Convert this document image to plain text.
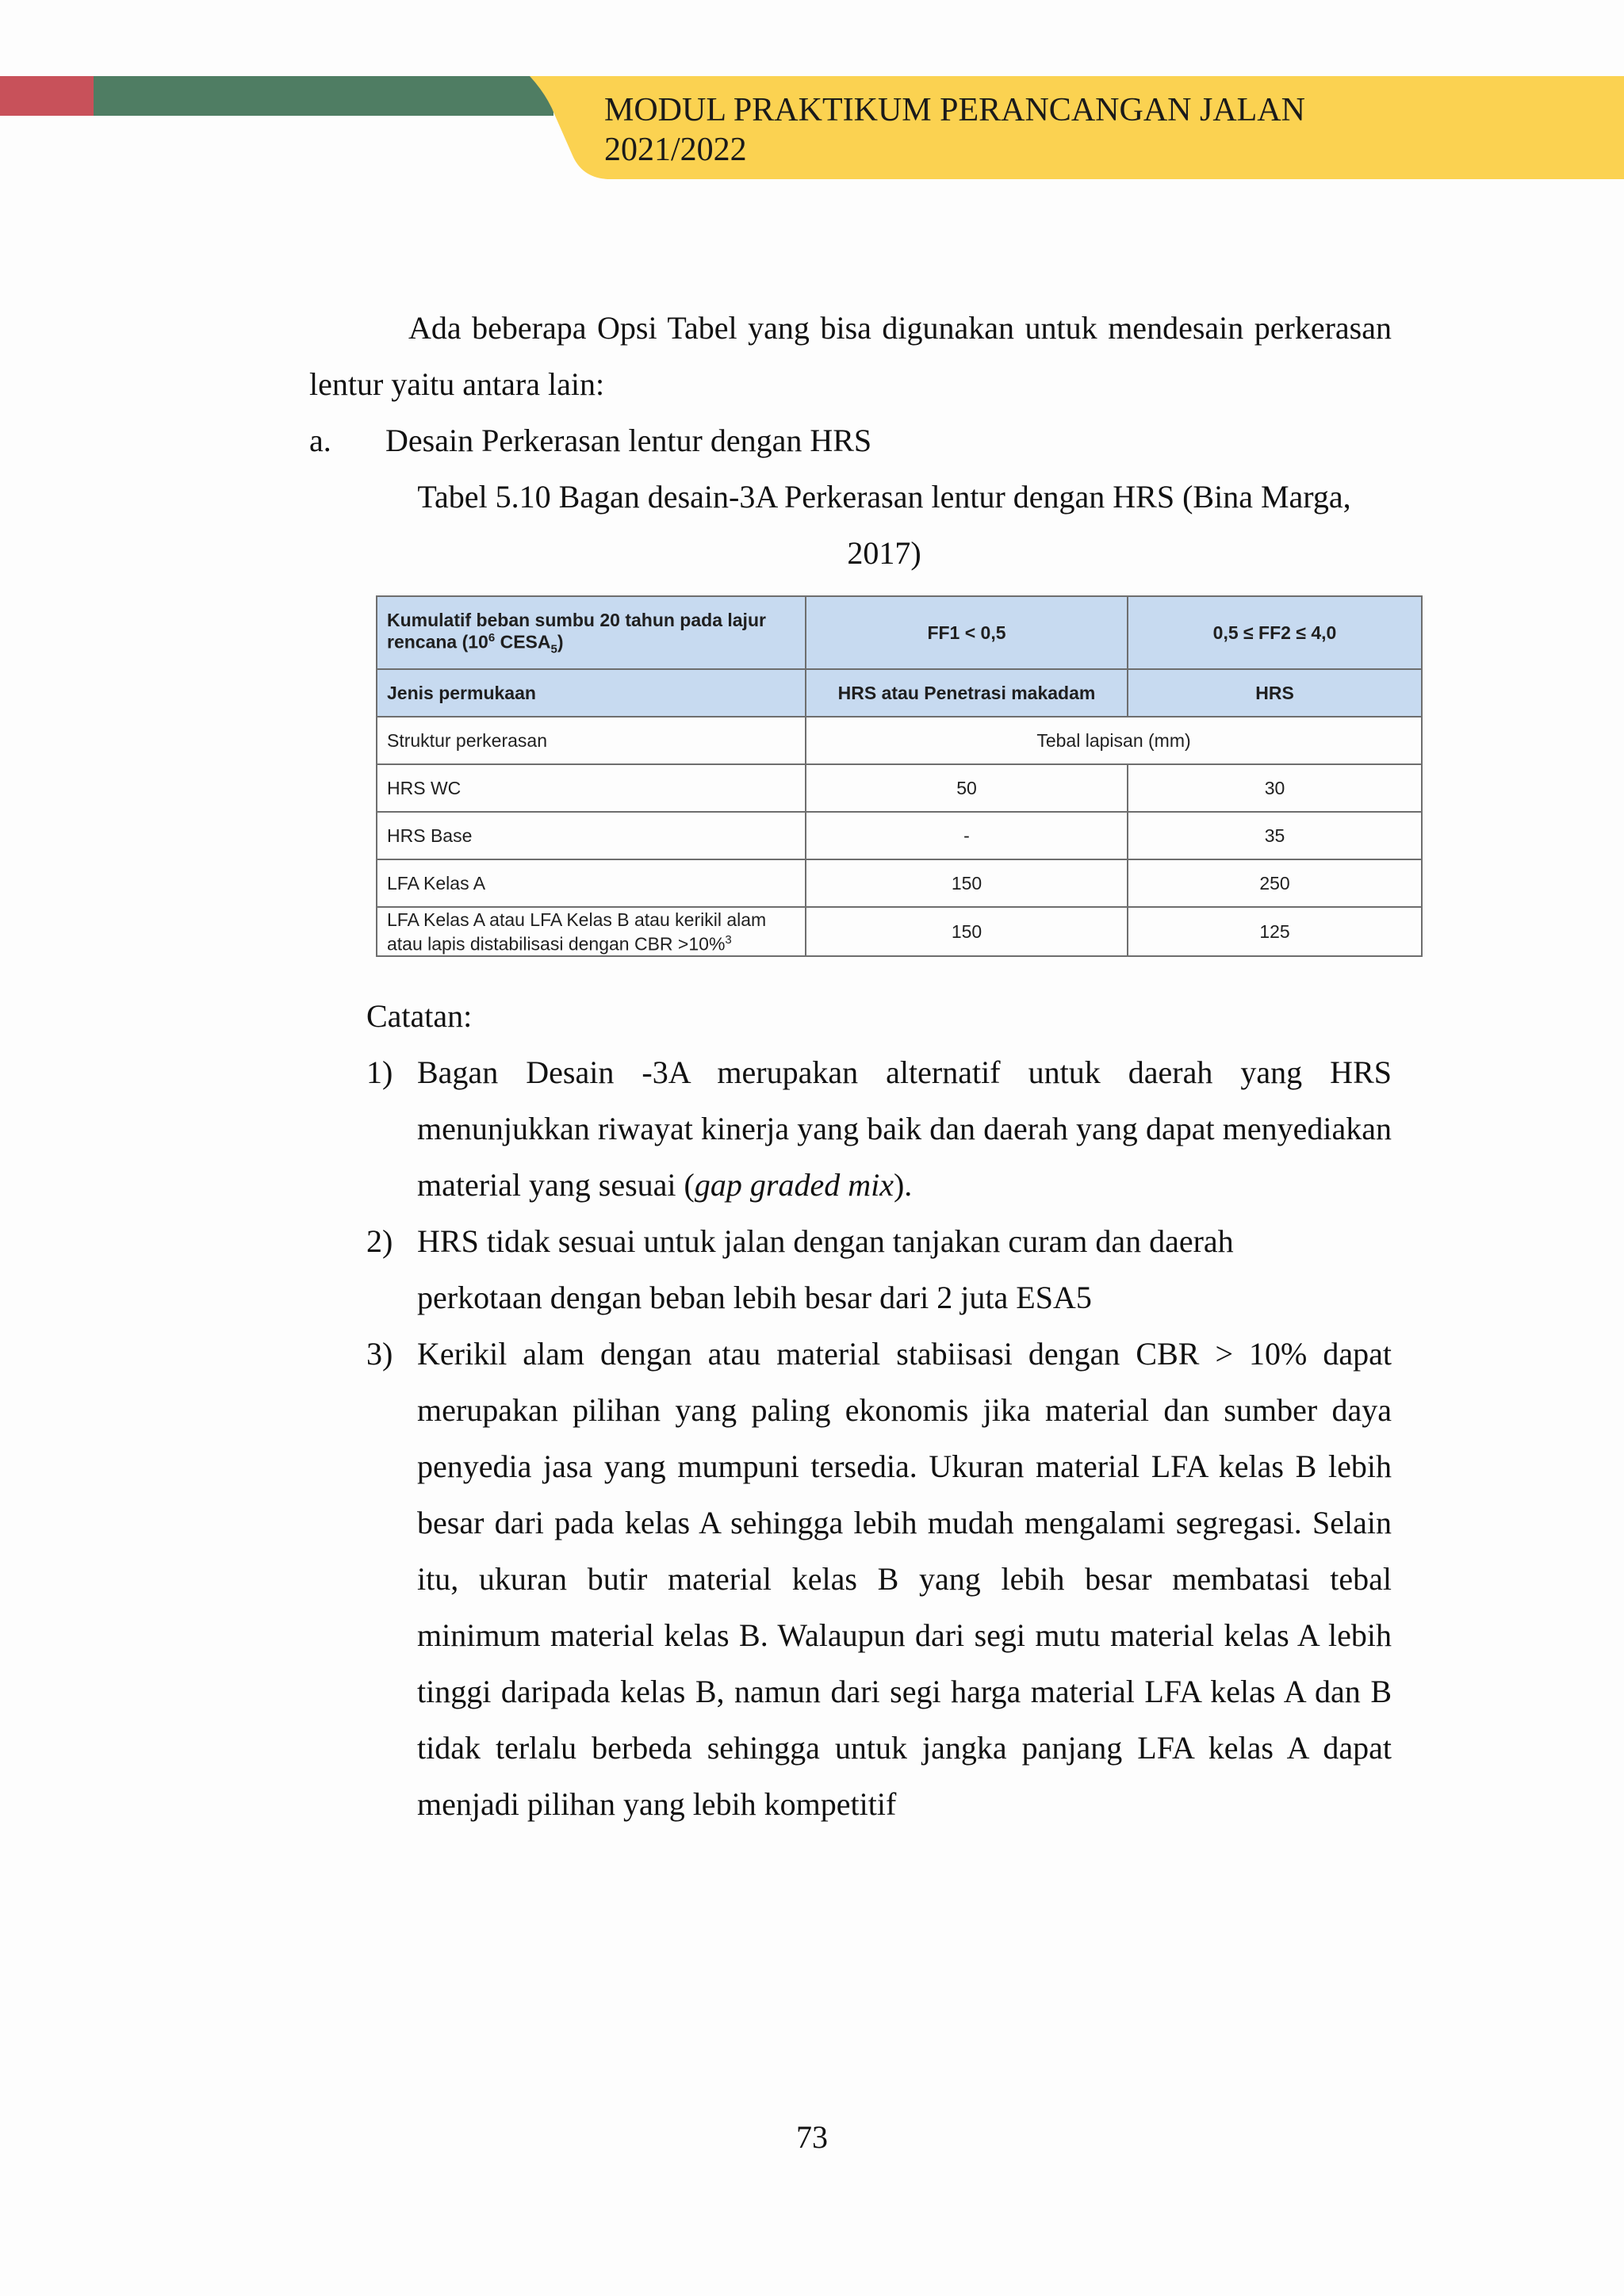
MODUL PRAKTIKUM PERANCANGAN JALAN
2021/2022

Ada beberapa Opsi Tabel yang bisa digunakan untuk mendesain perkerasan lentur yaitu antara lain:

a. Desain Perkerasan lentur dengan HRS
Tabel 5.10 Bagan desain-3A Perkerasan lentur dengan HRS (Bina Marga, 2017)
Kumulatif beban sumbu 20 tahun pada lajur rencana ($10^6$ $CESA_5$)	FF1 < 0,5	0,5 ≤ FF2 ≤ 4,0
Jenis permukaan	HRS atau Penetrasi makadam	HRS
Struktur perkerasan	Tebal lapisan (mm)	
HRS WC	50	30
HRS Base	-	35
LFA Kelas A	150	250
LFA Kelas A atau LFA Kelas B atau kerikil alam
atau lapis distabilisasi dengan CBR >10%$^3$	150	125
Catatan:
1) Bagan Desain -3A merupakan alternatif untuk daerah yang HRS menunjukkan riwayat kinerja yang baik dan daerah yang dapat menyediakan material yang sesuai (gap graded mix).
2) HRS tidak sesuai untuk jalan dengan tanjakan curam dan daerah
perkotaan dengan beban lebih besar dari 2 juta ESA5
3) Kerikil alam dengan atau material stabiisasi dengan CBR > 10% dapat merupakan pilihan yang paling ekonomis jika material dan sumber daya penyedia jasa yang mumpuni tersedia. Ukuran material LFA kelas B lebih besar dari pada kelas A sehingga lebih mudah mengalami segregasi. Selain itu, ukuran butir material kelas B yang lebih besar membatasi tebal minimum material kelas B. Walaupun dari segi mutu material kelas A lebih tinggi daripada kelas B, namun dari segi harga material LFA kelas A dan B tidak terlalu berbeda sehingga untuk jangka panjang LFA kelas A dapat menjadi pilihan yang lebih kompetitif
73
